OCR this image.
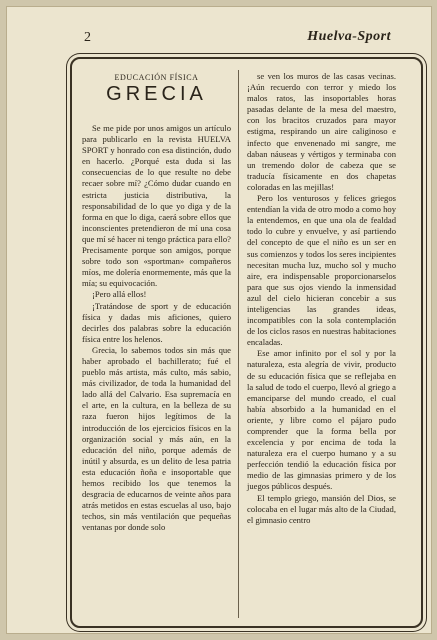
2	Huelva-Sport
EDUCACIÓN FÍSICA
GRECIA

Se me pide por unos amigos un artículo para publicarlo en la revista HUELVA SPORT y honrado con esa distinción, dudo en hacerlo. ¿Porqué esta duda si las consecuencias de lo que resulte no debe recaer sobre mí? ¿Cómo dudar cuando en estricta justicia distributiva, la responsabilidad de lo que yo diga y de la forma en que lo diga, caerá sobre ellos que inconscientes pretendieron de mí una cosa que mí sé hacer ni tengo práctica para ello? Precisamente porque son amigos, porque sobre todo son «sportman» compañeros míos, me dolería enormemente, más que la mía; su equivocación.

¡Pero allá ellos!

¡Tratándose de sport y de educación física y dadas mis aficiones, quiero decirles dos palabras sobre la educación física entre los helenos.

Grecia, lo sabemos todos sin más que haber aprobado el bachillerato; fué el pueblo más artista, más culto, más sabio, más civilizador, de toda la humanidad del lado allá del Calvario. Esa supremacía en el arte, en la cultura, en la belleza de su raza fueron hijos legítimos de la introducción de los ejercicios físicos en la organización social y más aún, en la educación del niño, porque además de inútil y absurda, es un delito de lesa patria esta educación ñoña e insoportable que hemos recibido los que tenemos la desgracia de educarnos de veinte años para atrás metidos en estas escuelas al uso, bajo techos, sin más ventilación que pequeñas ventanas por donde solo

se ven los muros de las casas vecinas. ¡Aún recuerdo con terror y miedo los malos ratos, las insoportables horas pasadas delante de la mesa del maestro, con los bracitos cruzados para mayor estigma, respirando un aire caliginoso e infecto que envenenado mi sangre, me daban náuseas y vértigos y terminaba con un tremendo dolor de cabeza que se traducía físicamente en dos chapetas coloradas en las mejillas!

Pero los venturosos y felices griegos entendían la vida de otro modo a como hoy la entendemos, en que una ola de fealdad todo lo cubre y envuelve, y así partiendo del concepto de que el niño es un ser en sus comienzos y todos los seres incipientes necesitan mucha luz, mucho sol y mucho aire, era indispensable proporcionarselos para que sus ojos viendo la inmensidad azul del cielo hicieran concebir a sus inteligencias las grandes ideas, incompatibles con la sola contemplación de los ciclos rasos en nuestras habitaciones encaladas.

Ese amor infinito por el sol y por la naturaleza, esta alegría de vivir, producto de su educación física que se reflejaba en la salud de todo el cuerpo, llevó al griego a emanciparse del mundo creado, el cual había absorbido a la humanidad en el oriente, y libre como el pájaro pudo comprender que la forma bella por excelencia y por encima de toda la naturaleza era el cuerpo humano y a su perfección tendió la educación física por medio de las gimnasias primero y de los juegos públicos después.

El templo griego, mansión del Dios, se colocaba en el lugar más alto de la Ciudad, el gimnasio centro
